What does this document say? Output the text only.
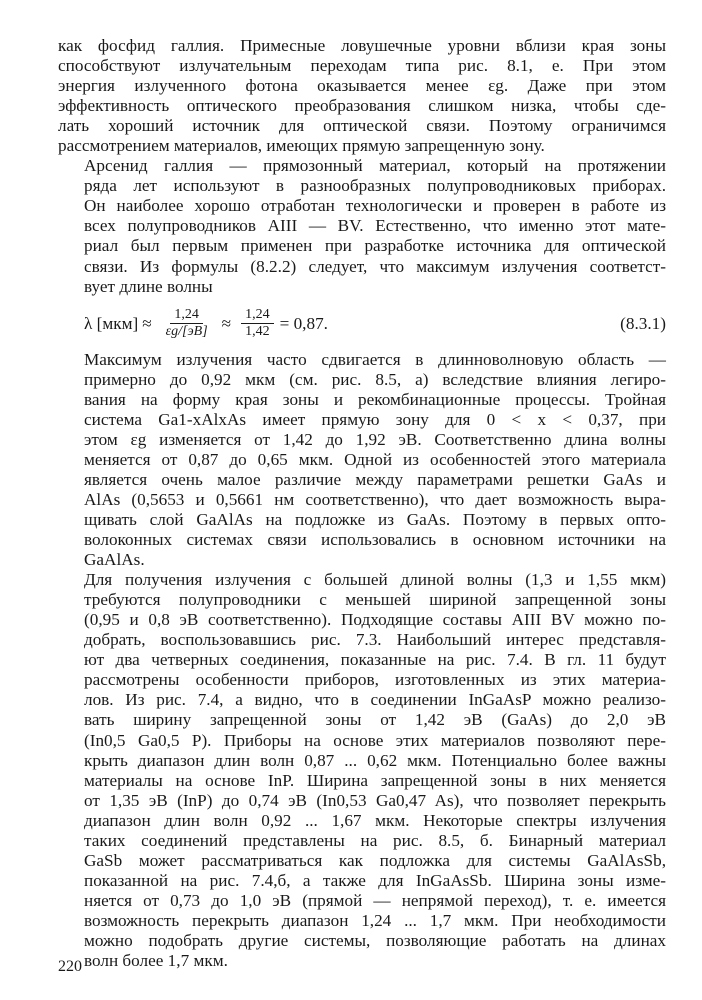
как фосфид галлия. Примесные ловушечные уровни вблизи края зоны
способствуют излучательным переходам типа рис. 8.1, е. При этом
энергия излученного фотона оказывается менее εg. Даже при этом
эффективность оптического преобразования слишком низка, чтобы сде-
лать хороший источник для оптической связи. Поэтому ограничимся
рассмотрением материалов, имеющих прямую запрещенную зону.

Арсенид галлия — прямозонный материал, который на протяжении
ряда лет используют в разнообразных полупроводниковых приборах.
Он наиболее хорошо отработан технологически и проверен в работе из
всех полупроводников AIII — BV. Естественно, что именно этот мате-
риал был первым применен при разработке источника для оптической
связи. Из формулы (8.2.2) следует, что максимум излучения соответст-
вует длине волны

λ $[мкм] \approx \frac{1,24}{\varepsilon g/[эВ]} \approx \frac{1,24}{1,42} = 0,87$.	(8.3.1)

Максимум излучения часто сдвигается в длинноволновую область —
примерно до 0,92 мкм (см. рис. 8.5, а) вследствие влияния легиро-
вания на форму края зоны и рекомбинационные процессы. Тройная
система Ga1-xAlxAs имеет прямую зону для 0 < x < 0,37, при
этом εg изменяется от 1,42 до 1,92 эВ. Соответственно длина волны
меняется от 0,87 до 0,65 мкм. Одной из особенностей этого материала
является очень малое различие между параметрами решетки GaAs и
AlAs (0,5653 и 0,5661 нм соответственно), что дает возможность выра-
щивать слой GaAlAs на подложке из GaAs. Поэтому в первых опто-
волоконных системах связи использовались в основном источники на
GaAlAs.

Для получения излучения с большей длиной волны (1,3 и 1,55 мкм)
требуются полупроводники с меньшей шириной запрещенной зоны
(0,95 и 0,8 эВ соответственно). Подходящие составы AIII BV можно по-
добрать, воспользовавшись рис. 7.3. Наибольший интерес представля-
ют два четверных соединения, показанные на рис. 7.4. В гл. 11 будут
рассмотрены особенности приборов, изготовленных из этих материа-
лов. Из рис. 7.4, а видно, что в соединении InGaAsP можно реализо-
вать ширину запрещенной зоны от 1,42 эВ (GaAs) до 2,0 эВ
(In0,5 Ga0,5 P). Приборы на основе этих материалов позволяют пере-
крыть диапазон длин волн 0,87 ... 0,62 мкм. Потенциально более важны
материалы на основе InP. Ширина запрещенной зоны в них меняется
от 1,35 эВ (InP) до 0,74 эВ (In0,53 Ga0,47 As), что позволяет перекрыть
диапазон длин волн 0,92 ... 1,67 мкм. Некоторые спектры излучения
таких соединений представлены на рис. 8.5, б. Бинарный материал
GaSb может рассматриваться как подложка для системы GaAlAsSb,
показанной на рис. 7.4,б, а также для InGaAsSb. Ширина зоны изме-
няется от 0,73 до 1,0 эВ (прямой — непрямой переход), т. е. имеется
возможность перекрыть диапазон 1,24 ... 1,7 мкм. При необходимости
можно подобрать другие системы, позволяющие работать на длинах
волн более 1,7 мкм.

220
